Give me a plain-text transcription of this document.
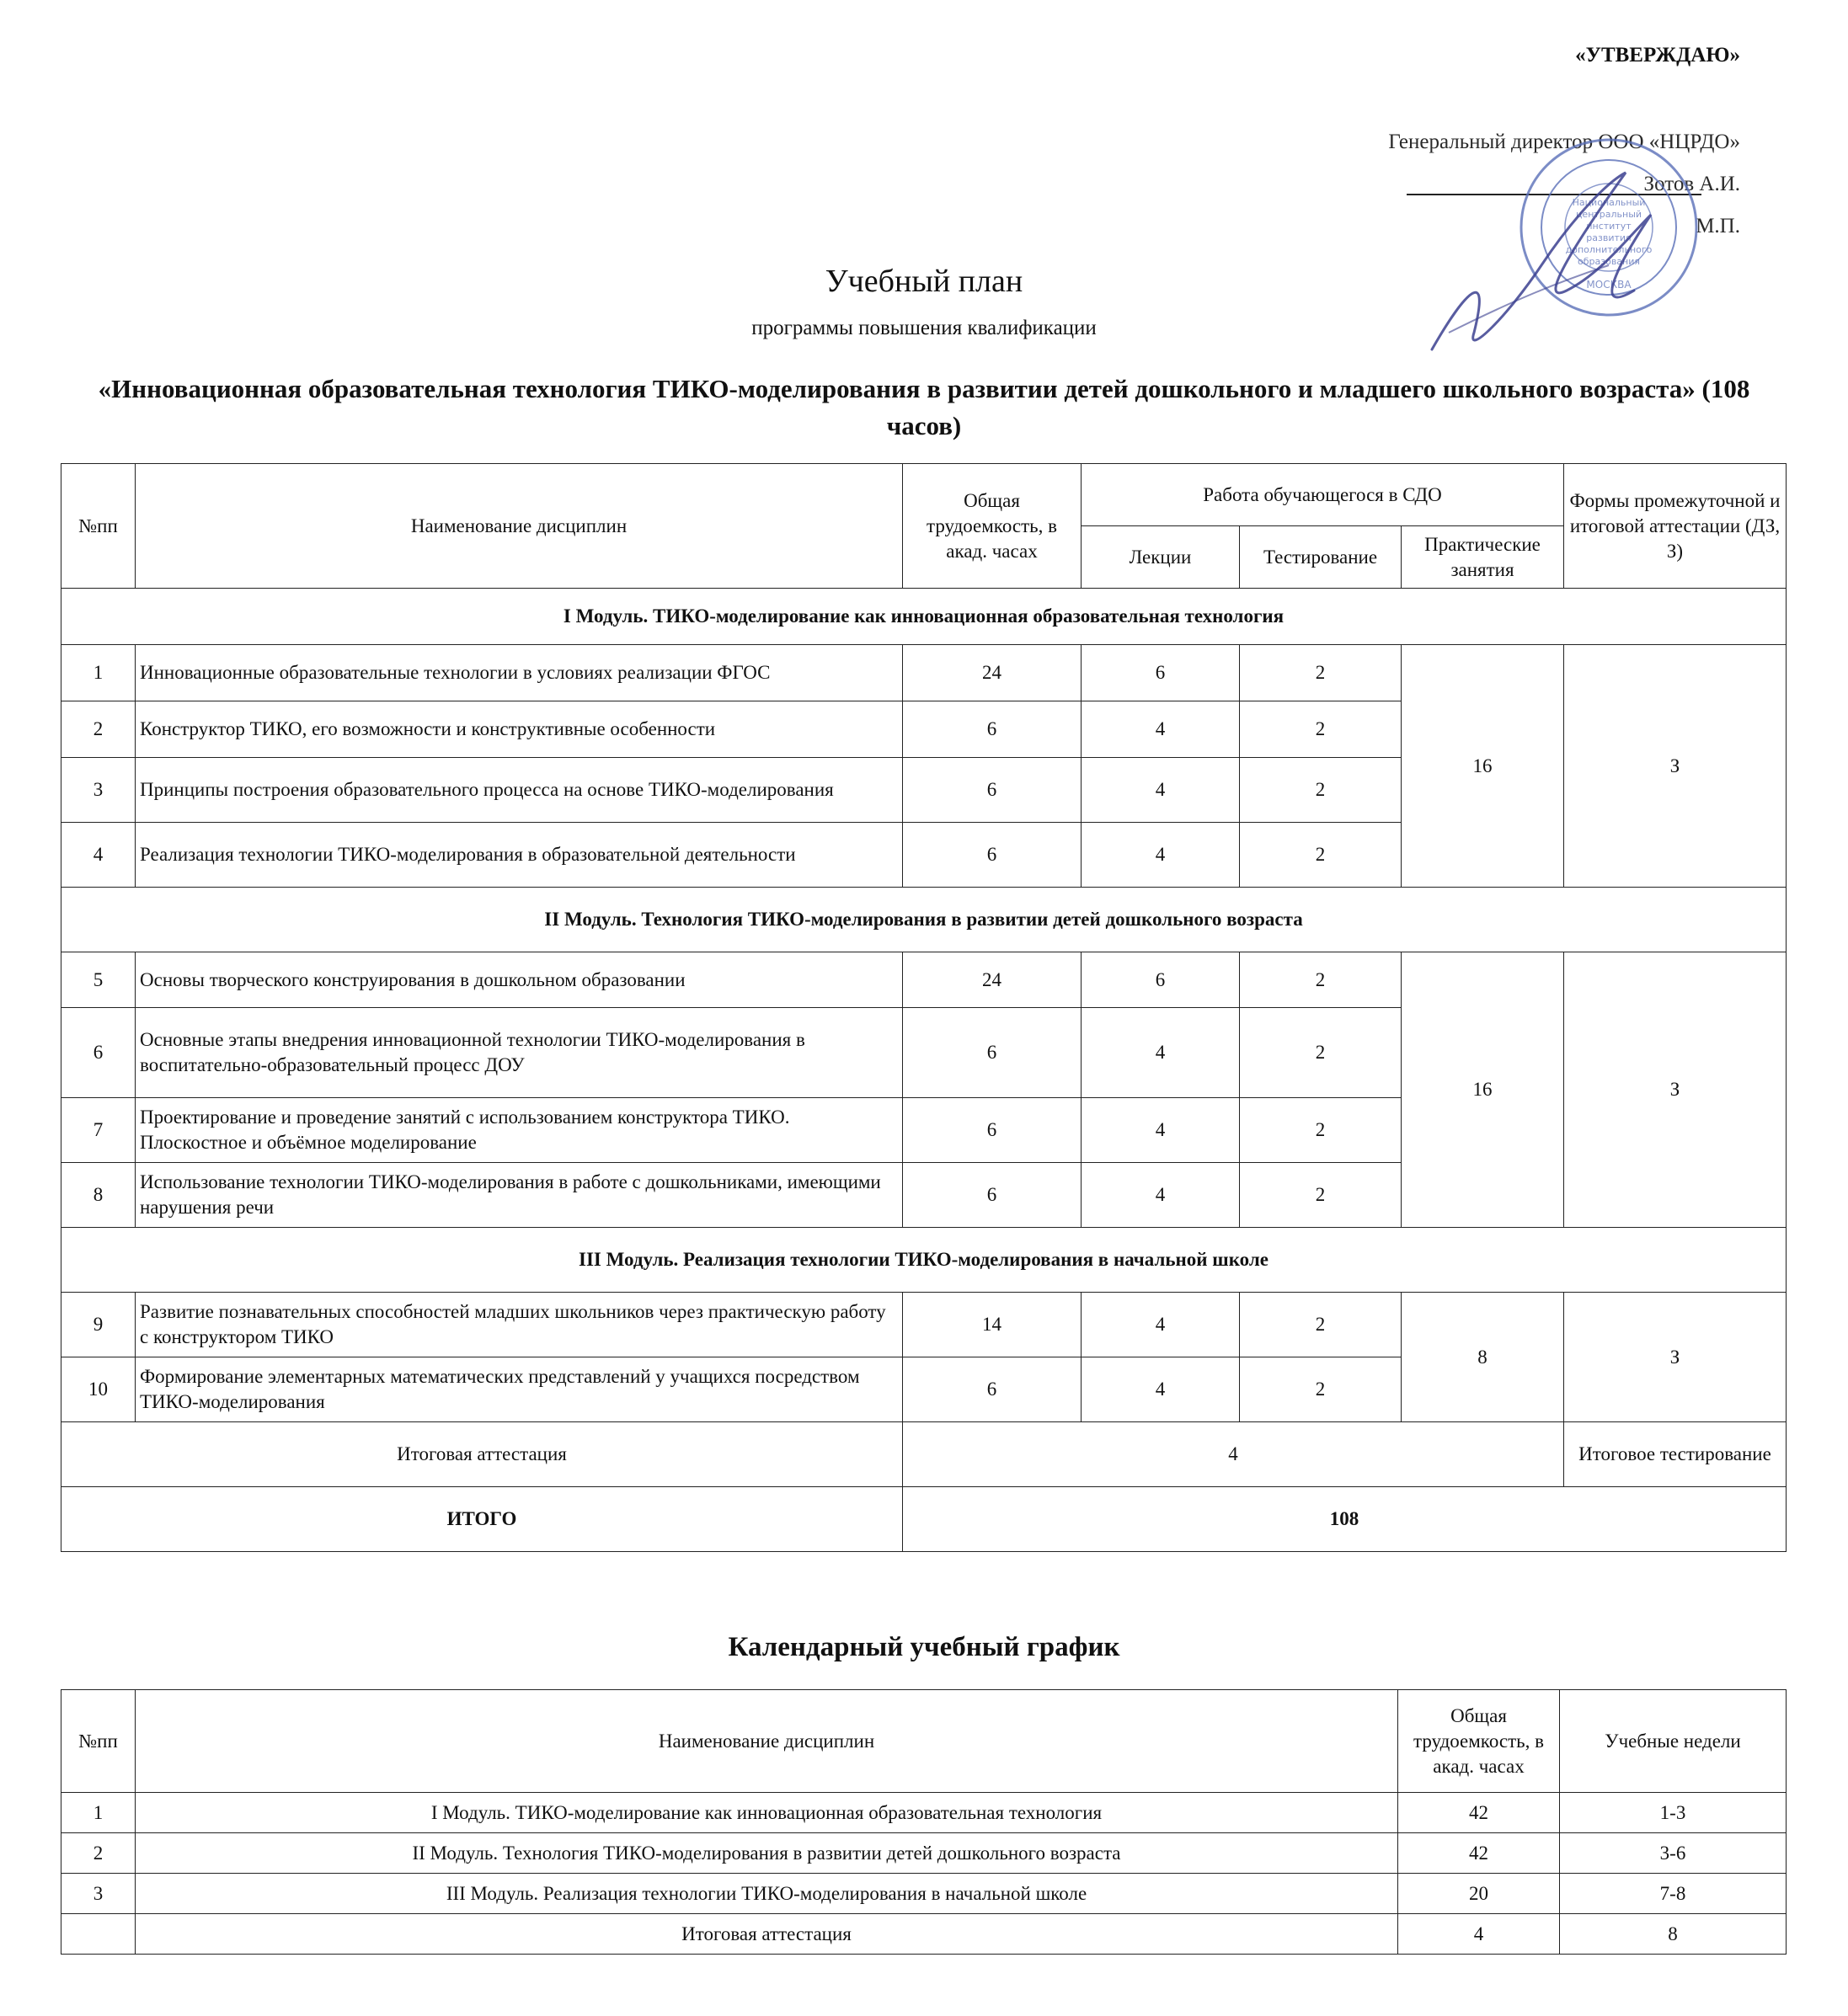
«УТВЕРЖДАЮ»
Генеральный директор ООО «НЦРДО»
Зотов А.И.
М.П.
Национальный
центральный
институт
развития
дополнительного
образования
МОСКВА
Учебный план
программы повышения квалификации
«Инновационная образовательная технология ТИКО-моделирования в развитии детей дошкольного и младшего школьного возраста» (108 часов)
№пп	Наименование дисциплин	Общая трудоемкость, в акад. часах	Работа обучающегося в СДО			Формы промежуточной и итоговой аттестации (ДЗ, З)
			Лекции	Тестирование	Практические занятия	
I Модуль. ТИКО-моделирование как инновационная образовательная технология						
1	Инновационные образовательные технологии в условиях реализации ФГОС	24	6	2	16	З
2	Конструктор ТИКО, его возможности и конструктивные особенности	6	4	2		
3	Принципы построения образовательного процесса на основе ТИКО-моделирования	6	4	2		
4	Реализация технологии ТИКО-моделирования в образовательной деятельности	6	4	2		
II Модуль. Технология ТИКО-моделирования в развитии детей дошкольного возраста						
5	Основы творческого конструирования в дошкольном образовании	24	6	2	16	З
6	Основные этапы внедрения инновационной технологии ТИКО-моделирования в воспитательно-образовательный процесс ДОУ	6	4	2		
7	Проектирование и проведение занятий с использованием конструктора ТИКО. Плоскостное и объёмное моделирование	6	4	2		
8	Использование технологии ТИКО-моделирования в работе с дошкольниками, имеющими нарушения речи	6	4	2		
III Модуль. Реализация технологии ТИКО-моделирования в начальной школе						
9	Развитие познавательных способностей младших школьников через практическую работу с конструктором ТИКО	14	4	2	8	З
10	Формирование элементарных математических представлений у учащихся посредством ТИКО-моделирования	6	4	2		
Итоговая аттестация		4				Итоговое тестирование
ИТОГО		108				
Календарный учебный график
№пп	Наименование дисциплин	Общая трудоемкость, в акад. часах	Учебные недели
1	I Модуль. ТИКО-моделирование как инновационная образовательная технология	42	1-3
2	II Модуль. Технология ТИКО-моделирования в развитии детей дошкольного возраста	42	3-6
3	III Модуль. Реализация технологии ТИКО-моделирования в начальной школе	20	7-8
	Итоговая аттестация	4	8
